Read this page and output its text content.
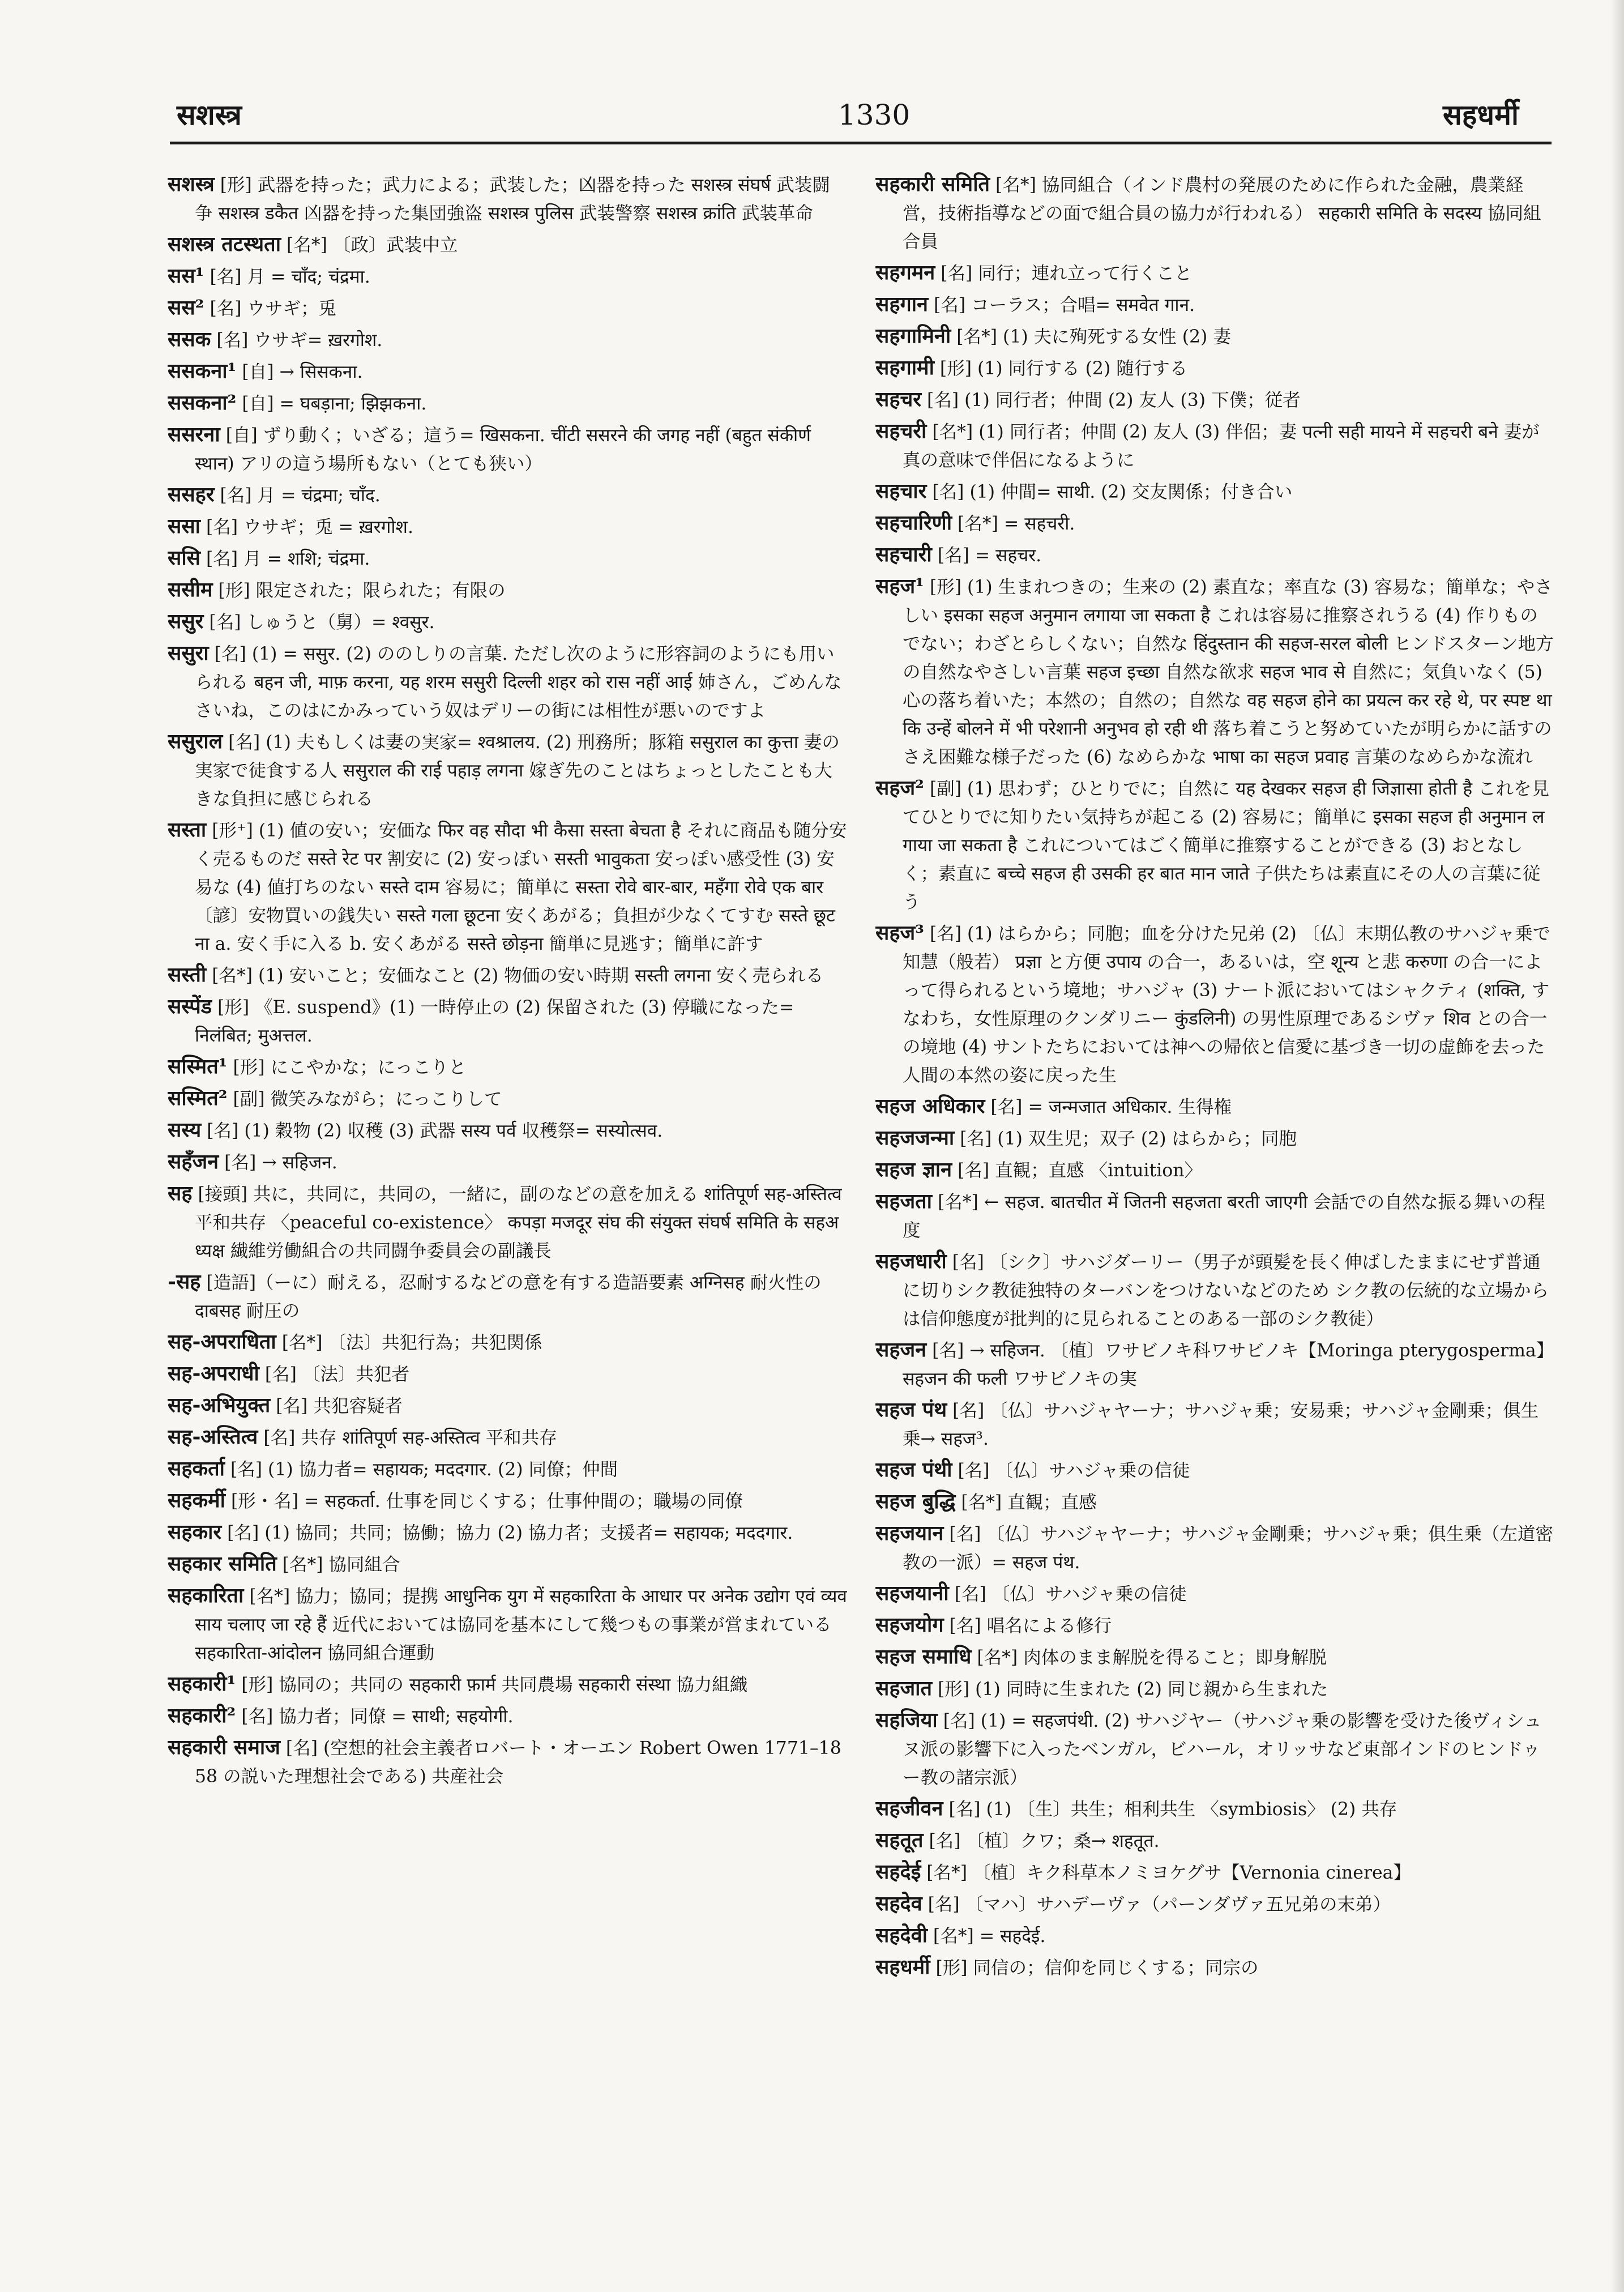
सशस्त्र	1330	सहधर्मी

सशस्त्र [形] 武器を持った；武力による；武装した；凶器を持った सशस्त्र संघर्ष 武装闘争 सशस्त्र डकैत 凶器を持った集団強盗 सशस्त्र पुलिस 武装警察 सशस्त्र क्रांति 武装革命

सशस्त्र तटस्थता [名*] 〔政〕武装中立

सस¹ [名] 月 = चाँद; चंद्रमा.

सस² [名] ウサギ；兎

ससक [名] ウサギ= ख़रगोश.

ससकना¹ [自] → सिसकना.

ससकना² [自] = घबड़ाना; झिझकना.

ससरना [自] ずり動く；いざる；這う= खिसकना. चींटी ससरने की जगह नहीं (बहुत संकीर्ण स्थान) アリの這う場所もない（とても狭い）

ससहर [名] 月 = चंद्रमा; चाँद.

ससा [名] ウサギ；兎 = ख़रगोश.

ससि [名] 月 = शशि; चंद्रमा.

ससीम [形] 限定された；限られた；有限の

ससुर [名] しゅうと（舅）= श्वसुर.

ससुरा [名] (1) = ससुर. (2) ののしりの言葉. ただし次のように形容詞のようにも用いられる बहन जी, माफ़ करना, यह शरम ससुरी दिल्ली शहर को रास नहीं आई 姉さん，ごめんなさいね，このはにかみっていう奴はデリーの街には相性が悪いのですよ

ससुराल [名] (1) 夫もしくは妻の実家= श्वश्रालय. (2) 刑務所；豚箱 ससुराल का कुत्ता 妻の実家で徒食する人 ससुराल की राई पहाड़ लगना 嫁ぎ先のことはちょっとしたことも大きな負担に感じられる

सस्ता [形⁺] (1) 値の安い；安価な फिर वह सौदा भी कैसा सस्ता बेचता है それに商品も随分安く売るものだ सस्ते रेट पर 割安に (2) 安っぽい सस्ती भावुकता 安っぽい感受性 (3) 安易な (4) 値打ちのない सस्ते दाम 容易に；簡単に सस्ता रोवे बार-बार, महँगा रोवे एक बार 〔諺〕安物買いの銭失い सस्ते गला छूटना 安くあがる；負担が少なくてすむ सस्ते छूटना a. 安く手に入る b. 安くあがる सस्ते छोड़ना 簡単に見逃す；簡単に許す

सस्ती [名*] (1) 安いこと；安価なこと (2) 物価の安い時期 सस्ती लगना 安く売られる

सस्पेंड [形] 《E. suspend》(1) 一時停止の (2) 保留された (3) 停職になった= निलंबित; मुअत्तल.

सस्मित¹ [形] にこやかな；にっこりと

सस्मित² [副] 微笑みながら；にっこりして

सस्य [名] (1) 穀物 (2) 収穫 (3) 武器 सस्य पर्व 収穫祭= सस्योत्सव.

सहँजन [名] → सहिजन.

सह [接頭] 共に，共同に，共同の，一緒に，副のなどの意を加える शांतिपूर्ण सह-अस्तित्व 平和共存 〈peaceful co-existence〉 कपड़ा मजदूर संघ की संयुक्त संघर्ष समिति के सहअध्यक्ष 繊維労働組合の共同闘争委員会の副議長

-सह [造語]（ーに）耐える，忍耐するなどの意を有する造語要素 अग्निसह 耐火性の दाबसह 耐圧の

सह-अपराधिता [名*] 〔法〕共犯行為；共犯関係

सह-अपराधी [名] 〔法〕共犯者

सह-अभियुक्त [名] 共犯容疑者

सह-अस्तित्व [名] 共存 शांतिपूर्ण सह-अस्तित्व 平和共存

सहकर्ता [名] (1) 協力者= सहायक; मददगार. (2) 同僚；仲間

सहकर्मी [形・名] = सहकर्ता. 仕事を同じくする；仕事仲間の；職場の同僚

सहकार [名] (1) 協同；共同；協働；協力 (2) 協力者；支援者= सहायक; मददगार.

सहकार समिति [名*] 協同組合

सहकारिता [名*] 協力；協同；提携 आधुनिक युग में सहकारिता के आधार पर अनेक उद्योग एवं व्यवसाय चलाए जा रहे हैं 近代においては協同を基本にして幾つもの事業が営まれている सहकारिता-आंदोलन 協同組合運動

सहकारी¹ [形] 協同の；共同の सहकारी फ़ार्म 共同農場 सहकारी संस्था 協力組織

सहकारी² [名] 協力者；同僚 = साथी; सहयोगी.

सहकारी समाज [名] (空想的社会主義者ロバート・オーエン Robert Owen 1771–1858 の説いた理想社会である) 共産社会

सहकारी समिति [名*] 協同組合（インド農村の発展のために作られた金融，農業経営，技術指導などの面で組合員の協力が行われる） सहकारी समिति के सदस्य 協同組合員

सहगमन [名] 同行；連れ立って行くこと

सहगान [名] コーラス；合唱= समवेत गान.

सहगामिनी [名*] (1) 夫に殉死する女性 (2) 妻

सहगामी [形] (1) 同行する (2) 随行する

सहचर [名] (1) 同行者；仲間 (2) 友人 (3) 下僕；従者

सहचरी [名*] (1) 同行者；仲間 (2) 友人 (3) 伴侶；妻 पत्नी सही मायने में सहचरी बने 妻が真の意味で伴侶になるように

सहचार [名] (1) 仲間= साथी. (2) 交友関係；付き合い

सहचारिणी [名*] = सहचरी.

सहचारी [名] = सहचर.

सहज¹ [形] (1) 生まれつきの；生来の (2) 素直な；率直な (3) 容易な；簡単な；やさしい इसका सहज अनुमान लगाया जा सकता है これは容易に推察されうる (4) 作りものでない；わざとらしくない；自然な हिंदुस्तान की सहज-सरल बोली ヒンドスターン地方の自然なやさしい言葉 सहज इच्छा 自然な欲求 सहज भाव से 自然に；気負いなく (5) 心の落ち着いた；本然の；自然の；自然な वह सहज होने का प्रयत्न कर रहे थे, पर स्पष्ट था कि उन्हें बोलने में भी परेशानी अनुभव हो रही थी 落ち着こうと努めていたが明らかに話すのさえ困難な様子だった (6) なめらかな भाषा का सहज प्रवाह 言葉のなめらかな流れ

सहज² [副] (1) 思わず；ひとりでに；自然に यह देखकर सहज ही जिज्ञासा होती है これを見てひとりでに知りたい気持ちが起こる (2) 容易に；簡単に इसका सहज ही अनुमान लगाया जा सकता है これについてはごく簡単に推察することができる (3) おとなしく；素直に बच्चे सहज ही उसकी हर बात मान जाते 子供たちは素直にその人の言葉に従う

सहज³ [名] (1) はらから；同胞；血を分けた兄弟 (2) 〔仏〕末期仏教のサハジャ乗で知慧（般若） प्रज्ञा と方便 उपाय の合一，あるいは，空 शून्य と悲 करुणा の合一によって得られるという境地；サハジャ (3) ナート派においてはシャクティ (शक्ति, すなわち，女性原理のクンダリニー कुंडलिनी) の男性原理であるシヴァ शिव との合一の境地 (4) サントたちにおいては神への帰依と信愛に基づき一切の虚飾を去った人間の本然の姿に戻った生

सहज अधिकार [名] = जन्मजात अधिकार. 生得権

सहजजन्मा [名] (1) 双生児；双子 (2) はらから；同胞

सहज ज्ञान [名] 直観；直感 〈intuition〉

सहजता [名*] ← सहज. बातचीत में जितनी सहजता बरती जाएगी 会話での自然な振る舞いの程度

सहजधारी [名] 〔シク〕サハジダーリー（男子が頭髪を長く伸ばしたままにせず普通に切りシク教徒独特のターバンをつけないなどのため シク教の伝統的な立場からは信仰態度が批判的に見られることのある一部のシク教徒）

सहजन [名] → सहिजन. 〔植〕ワサビノキ科ワサビノキ【Moringa pterygosperma】 सहजन की फली ワサビノキの実

सहज पंथ [名] 〔仏〕サハジャヤーナ；サハジャ乗；安易乗；サハジャ金剛乗；俱生乗→ सहज³.

सहज पंथी [名] 〔仏〕サハジャ乗の信徒

सहज बुद्धि [名*] 直観；直感

सहजयान [名] 〔仏〕サハジャヤーナ；サハジャ金剛乗；サハジャ乗；俱生乗（左道密教の一派）= सहज पंथ.

सहजयानी [名] 〔仏〕サハジャ乗の信徒

सहजयोग [名] 唱名による修行

सहज समाधि [名*] 肉体のまま解脱を得ること；即身解脱

सहजात [形] (1) 同時に生まれた (2) 同じ親から生まれた

सहजिया [名] (1) = सहजपंथी. (2) サハジヤー（サハジャ乗の影響を受けた後ヴィシュヌ派の影響下に入ったベンガル，ビハール，オリッサなど東部インドのヒンドゥー教の諸宗派）

सहजीवन [名] (1) 〔生〕共生；相利共生 〈symbiosis〉 (2) 共存

सहतूत [名] 〔植〕クワ；桑→ शहतूत.

सहदेई [名*] 〔植〕キク科草本ノミヨケグサ【Vernonia cinerea】

सहदेव [名] 〔マハ〕サハデーヴァ（パーンダヴァ五兄弟の末弟）

सहदेवी [名*] = सहदेई.

सहधर्मी [形] 同信の；信仰を同じくする；同宗の
